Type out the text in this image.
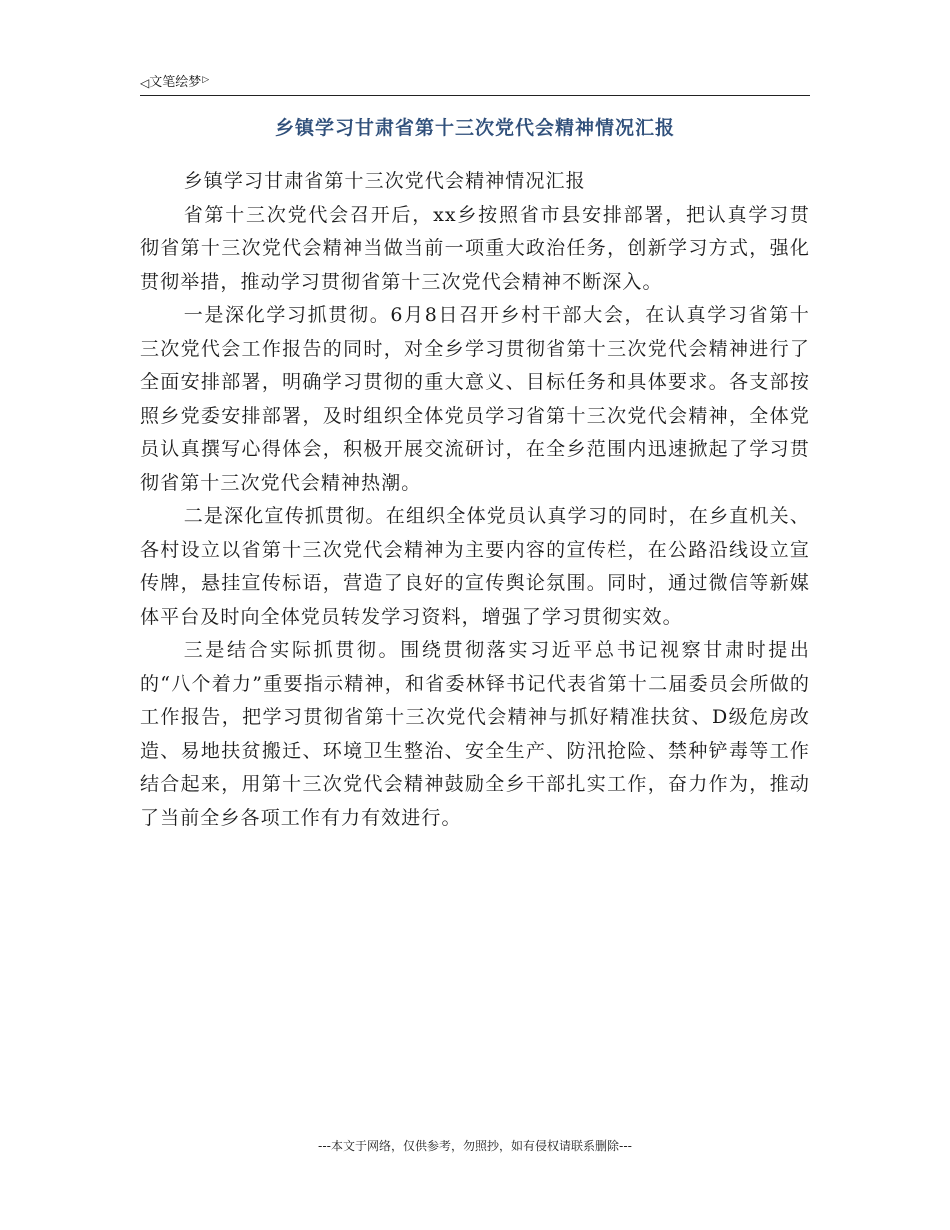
◁ 文笔绘梦 ▷
乡镇学习甘肃省第十三次党代会精神情况汇报

乡镇学习甘肃省第十三次党代会精神情况汇报

省第十三次党代会召开后，xx乡按照省市县安排部署，把认真学习贯彻省第十三次党代会精神当做当前一项重大政治任务，创新学习方式，强化贯彻举措，推动学习贯彻省第十三次党代会精神不断深入。

一是深化学习抓贯彻。6月8日召开乡村干部大会，在认真学习省第十三次党代会工作报告的同时，对全乡学习贯彻省第十三次党代会精神进行了全面安排部署，明确学习贯彻的重大意义、目标任务和具体要求。各支部按照乡党委安排部署，及时组织全体党员学习省第十三次党代会精神，全体党员认真撰写心得体会，积极开展交流研讨，在全乡范围内迅速掀起了学习贯彻省第十三次党代会精神热潮。

二是深化宣传抓贯彻。在组织全体党员认真学习的同时，在乡直机关、各村设立以省第十三次党代会精神为主要内容的宣传栏，在公路沿线设立宣传牌，悬挂宣传标语，营造了良好的宣传舆论氛围。同时，通过微信等新媒体平台及时向全体党员转发学习资料，增强了学习贯彻实效。

三是结合实际抓贯彻。围绕贯彻落实习近平总书记视察甘肃时提出的“八个着力”重要指示精神，和省委林铎书记代表省第十二届委员会所做的工作报告，把学习贯彻省第十三次党代会精神与抓好精准扶贫、D级危房改造、易地扶贫搬迁、环境卫生整治、安全生产、防汛抢险、禁种铲毒等工作结合起来，用第十三次党代会精神鼓励全乡干部扎实工作，奋力作为，推动了当前全乡各项工作有力有效进行。

---本文于网络，仅供参考，勿照抄，如有侵权请联系删除---
